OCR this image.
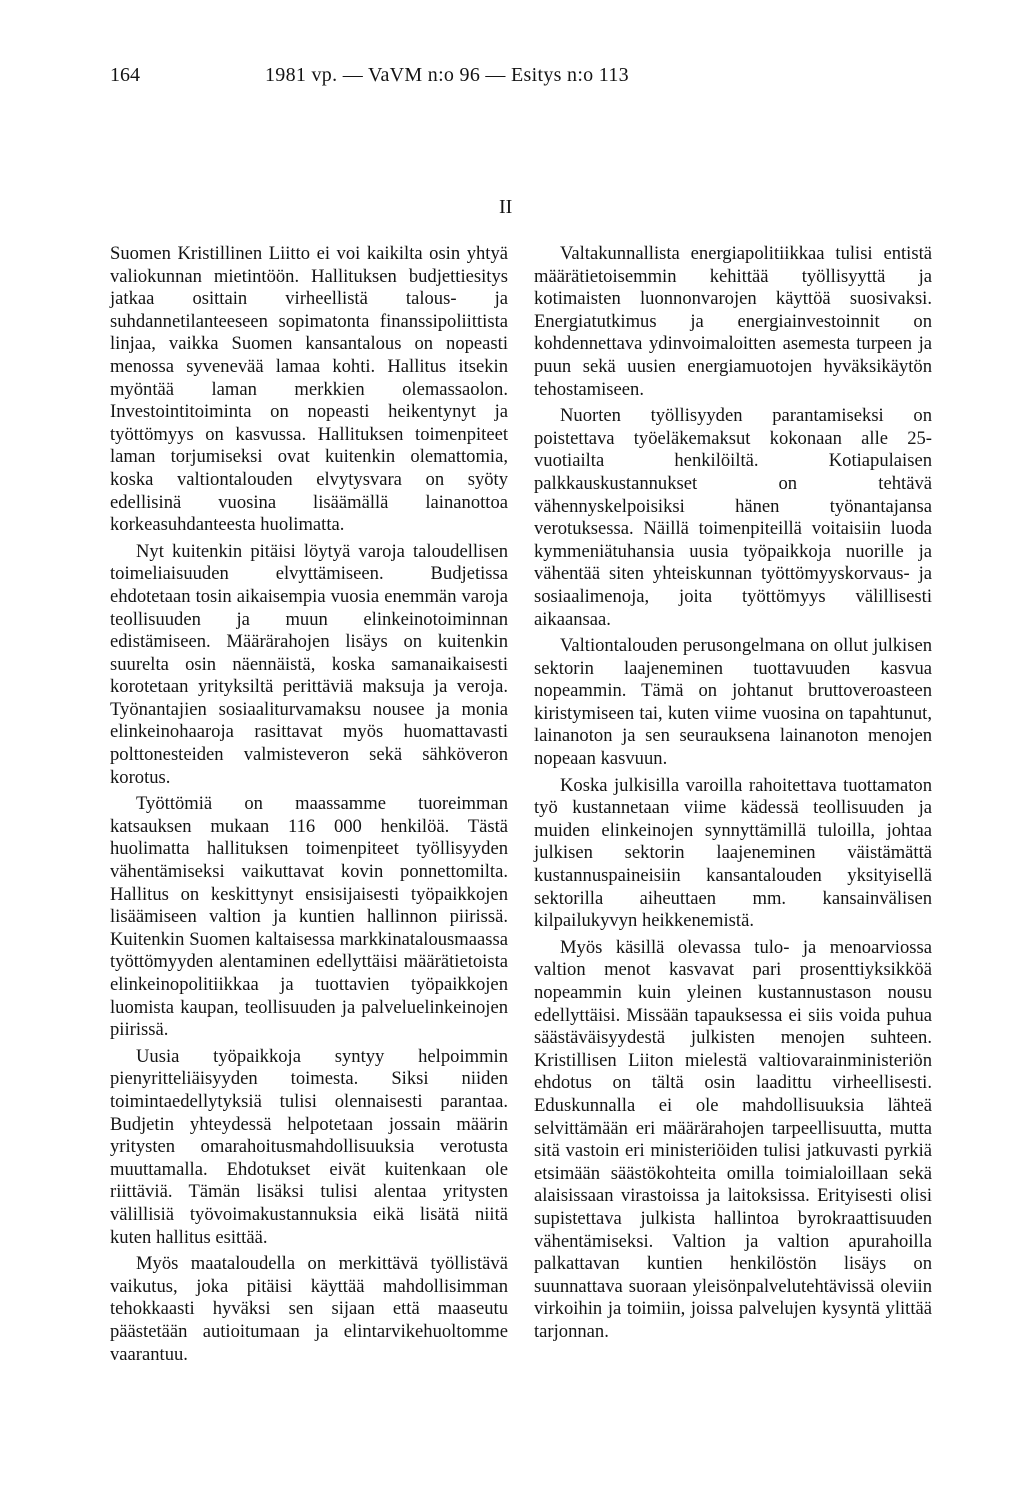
164	1981 vp. — VaVM n:o 96 — Esitys n:o 113
II

Suomen Kristillinen Liitto ei voi kaikilta osin yhtyä valiokunnan mietintöön. Hallituksen budjettiesitys jatkaa osittain virheellistä talous- ja suhdannetilanteeseen sopimatonta finanssipoliittista linjaa, vaikka Suomen kansantalous on nopeasti menossa syvenevää lamaa kohti. Hallitus itsekin myöntää laman merkkien olemassaolon. Investointitoiminta on nopeasti heikentynyt ja työttömyys on kasvussa. Hallituksen toimenpiteet laman torjumiseksi ovat kuitenkin olemattomia, koska valtiontalouden elvytysvara on syöty edellisinä vuosina lisäämällä lainanottoa korkeasuhdanteesta huolimatta.

Nyt kuitenkin pitäisi löytyä varoja taloudellisen toimeliaisuuden elvyttämiseen. Budjetissa ehdotetaan tosin aikaisempia vuosia enemmän varoja teollisuuden ja muun elinkeinotoiminnan edistämiseen. Määrärahojen lisäys on kuitenkin suurelta osin näennäistä, koska samanaikaisesti korotetaan yrityksiltä perittäviä maksuja ja veroja. Työnantajien sosiaaliturvamaksu nousee ja monia elinkeinohaaroja rasittavat myös huomattavasti polttonesteiden valmisteveron sekä sähköveron korotus.

Työttömiä on maassamme tuoreimman katsauksen mukaan 116 000 henkilöä. Tästä huolimatta hallituksen toimenpiteet työllisyyden vähentämiseksi vaikuttavat kovin ponnettomilta. Hallitus on keskittynyt ensisijaisesti työpaikkojen lisäämiseen valtion ja kuntien hallinnon piirissä. Kuitenkin Suomen kaltaisessa markkinatalousmaassa työttömyyden alentaminen edellyttäisi määrätietoista elinkeinopolitiikkaa ja tuottavien työpaikkojen luomista kaupan, teollisuuden ja palveluelinkeinojen piirissä.

Uusia työpaikkoja syntyy helpoimmin pienyritteliäisyyden toimesta. Siksi niiden toimintaedellytyksiä tulisi olennaisesti parantaa. Budjetin yhteydessä helpotetaan jossain määrin yritysten omarahoitusmahdollisuuksia verotusta muuttamalla. Ehdotukset eivät kuitenkaan ole riittäviä. Tämän lisäksi tulisi alentaa yritysten välillisiä työvoimakustannuksia eikä lisätä niitä kuten hallitus esittää.

Myös maataloudella on merkittävä työllistävä vaikutus, joka pitäisi käyttää mahdollisimman tehokkaasti hyväksi sen sijaan että maaseutu päästetään autioitumaan ja elintarvikehuoltomme vaarantuu.

Valtakunnallista energiapolitiikkaa tulisi entistä määrätietoisemmin kehittää työllisyyttä ja kotimaisten luonnonvarojen käyttöä suosivaksi. Energiatutkimus ja energiainvestoinnit on kohdennettava ydinvoimaloitten asemesta turpeen ja puun sekä uusien energiamuotojen hyväksikäytön tehostamiseen.

Nuorten työllisyyden parantamiseksi on poistettava työeläkemaksut kokonaan alle 25-vuotiailta henkilöiltä. Kotiapulaisen palkkauskustannukset on tehtävä vähennyskelpoisiksi hänen työnantajansa verotuksessa. Näillä toimenpiteillä voitaisiin luoda kymmeniätuhansia uusia työpaikkoja nuorille ja vähentää siten yhteiskunnan työttömyyskorvaus- ja sosiaalimenoja, joita työttömyys välillisesti aikaansaa.

Valtiontalouden perusongelmana on ollut julkisen sektorin laajeneminen tuottavuuden kasvua nopeammin. Tämä on johtanut bruttoveroasteen kiristymiseen tai, kuten viime vuosina on tapahtunut, lainanoton ja sen seurauksena lainanoton menojen nopeaan kasvuun.

Koska julkisilla varoilla rahoitettava tuottamaton työ kustannetaan viime kädessä teollisuuden ja muiden elinkeinojen synnyttämillä tuloilla, johtaa julkisen sektorin laajeneminen väistämättä kustannuspaineisiin kansantalouden yksityisellä sektorilla aiheuttaen mm. kansainvälisen kilpailukyvyn heikkenemistä.

Myös käsillä olevassa tulo- ja menoarviossa valtion menot kasvavat pari prosenttiyksikköä nopeammin kuin yleinen kustannustason nousu edellyttäisi. Missään tapauksessa ei siis voida puhua säästäväisyydestä julkisten menojen suhteen. Kristillisen Liiton mielestä valtiovarainministeriön ehdotus on tältä osin laadittu virheellisesti. Eduskunnalla ei ole mahdollisuuksia lähteä selvittämään eri määrärahojen tarpeellisuutta, mutta sitä vastoin eri ministeriöiden tulisi jatkuvasti pyrkiä etsimään säästökohteita omilla toimialoillaan sekä alaisissaan virastoissa ja laitoksissa. Erityisesti olisi supistettava julkista hallintoa byrokraattisuuden vähentämiseksi. Valtion ja valtion apurahoilla palkattavan kuntien henkilöstön lisäys on suunnattava suoraan yleisönpalvelutehtävissä oleviin virkoihin ja toimiin, joissa palvelujen kysyntä ylittää tarjonnan.
